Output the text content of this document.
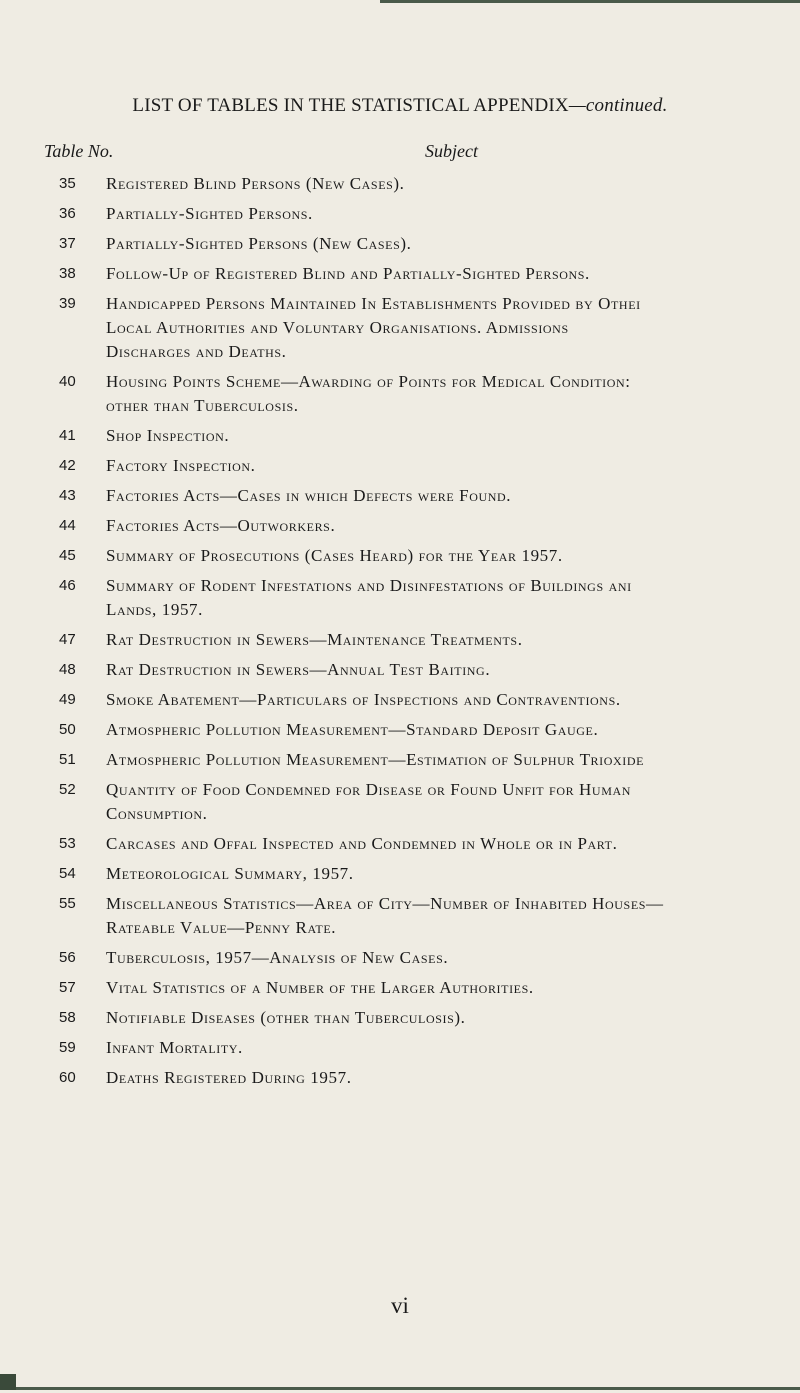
LIST OF TABLES IN THE STATISTICAL APPENDIX—continued.
Table No.	Subject
35	Registered Blind Persons (New Cases).
36	Partially-Sighted Persons.
37	Partially-Sighted Persons (New Cases).
38	Follow-Up of Registered Blind and Partially-Sighted Persons.
39	Handicapped Persons Maintained In Establishments Provided by Othei
Local Authorities and Voluntary Organisations. Admissions
Discharges and Deaths.
40	Housing Points Scheme—Awarding of Points for Medical Condition:
other than Tuberculosis.
41	Shop Inspection.
42	Factory Inspection.
43	Factories Acts—Cases in which Defects were Found.
44	Factories Acts—Outworkers.
45	Summary of Prosecutions (Cases Heard) for the Year 1957.
46	Summary of Rodent Infestations and Disinfestations of Buildings ani
Lands, 1957.
47	Rat Destruction in Sewers—Maintenance Treatments.
48	Rat Destruction in Sewers—Annual Test Baiting.
49	Smoke Abatement—Particulars of Inspections and Contraventions.
50	Atmospheric Pollution Measurement—Standard Deposit Gauge.
51	Atmospheric Pollution Measurement—Estimation of Sulphur Trioxide
52	Quantity of Food Condemned for Disease or Found Unfit for Human
Consumption.
53	Carcases and Offal Inspected and Condemned in Whole or in Part.
54	Meteorological Summary, 1957.
55	Miscellaneous Statistics—Area of City—Number of Inhabited Houses—
Rateable Value—Penny Rate.
56	Tuberculosis, 1957—Analysis of New Cases.
57	Vital Statistics of a Number of the Larger Authorities.
58	Notifiable Diseases (other than Tuberculosis).
59	Infant Mortality.
60	Deaths Registered During 1957.
vi
